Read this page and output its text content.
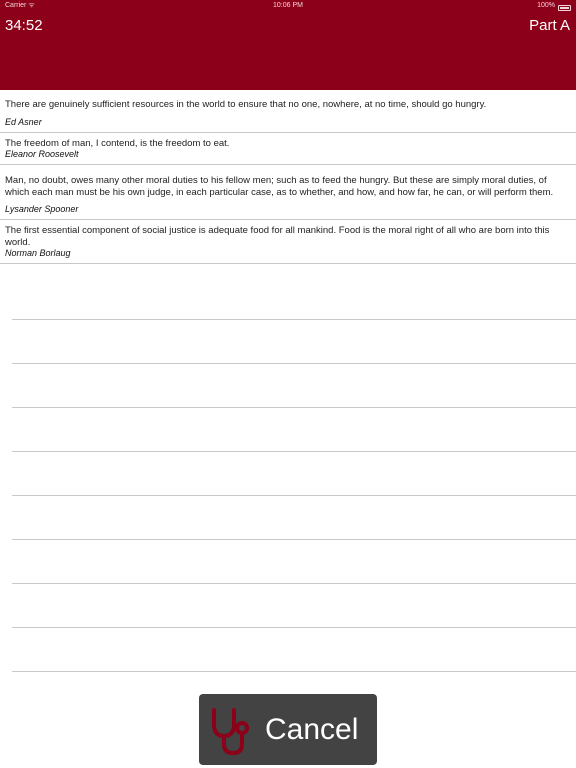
Carrier ᯤ	10:06 PM	100%
34:52	Part A
There are genuinely sufficient resources in the world to ensure that no one, nowhere, at no time, should go hungry.
Ed Asner
The freedom of man, I contend, is the freedom to eat.
Eleanor Roosevelt
Man, no doubt, owes many other moral duties to his fellow men; such as to feed the hungry. But these are simply moral duties, of which each man must be his own judge, in each particular case, as to whether, and how, and how far, he can, or will perform them.
Lysander Spooner
The first essential component of social justice is adequate food for all mankind. Food is the moral right of all who are born into this world.
Norman Borlaug
Cancel
